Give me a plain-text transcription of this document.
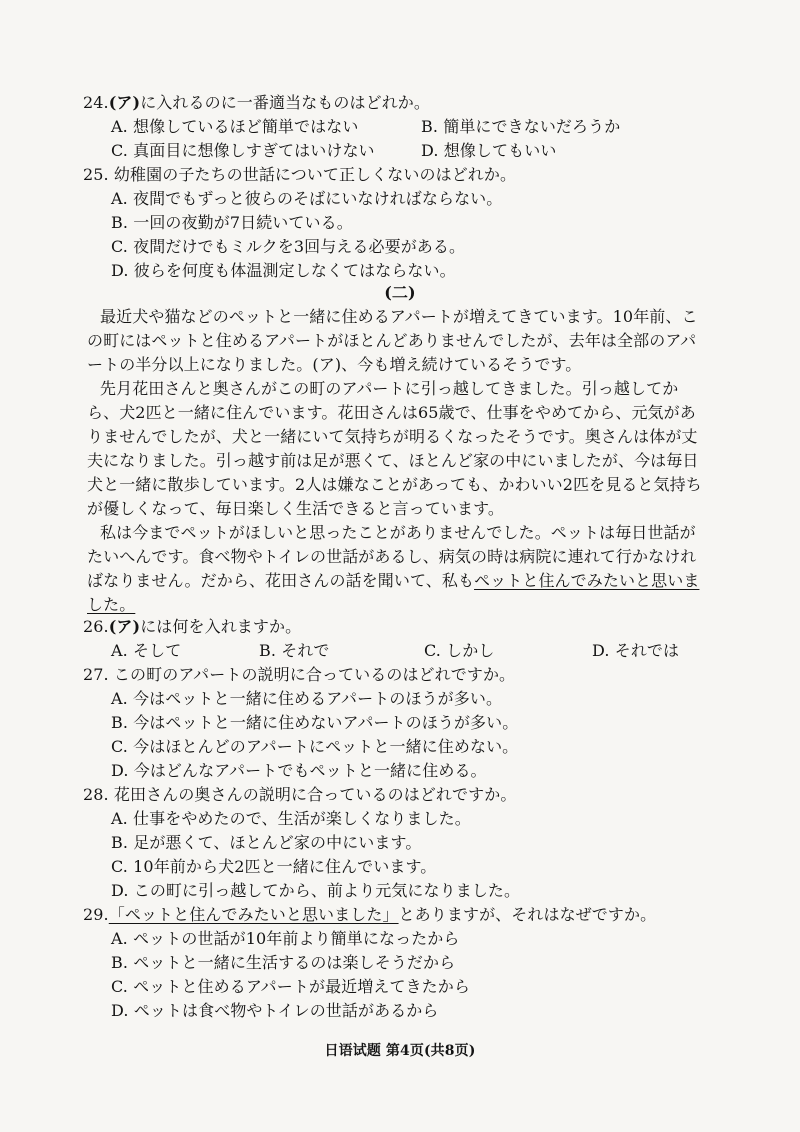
24.(ア)に入れるのに一番適当なものはどれか。
A. 想像しているほど簡単ではない	B. 簡単にできないだろうか
C. 真面目に想像しすぎてはいけない	D. 想像してもいい
25. 幼稚園の子たちの世話について正しくないのはどれか。
A. 夜間でもずっと彼らのそばにいなければならない。
B. 一回の夜勤が7日続いている。
C. 夜間だけでもミルクを3回与える必要がある。
D. 彼らを何度も体温測定しなくてはならない。
(二)
最近犬や猫などのペットと一緒に住めるアパートが増えてきています。10年前、こ
の町にはペットと住めるアパートがほとんどありませんでしたが、去年は全部のアパ
ートの半分以上になりました。(ア)、今も増え続けているそうです。
先月花田さんと奥さんがこの町のアパートに引っ越してきました。引っ越してか
ら、犬2匹と一緒に住んでいます。花田さんは65歳で、仕事をやめてから、元気があ
りませんでしたが、犬と一緒にいて気持ちが明るくなったそうです。奥さんは体が丈
夫になりました。引っ越す前は足が悪くて、ほとんど家の中にいましたが、今は毎日
犬と一緒に散歩しています。2人は嫌なことがあっても、かわいい2匹を見ると気持ち
が優しくなって、毎日楽しく生活できると言っています。
私は今までペットがほしいと思ったことがありませんでした。ペットは毎日世話が
たいへんです。食べ物やトイレの世話があるし、病気の時は病院に連れて行かなけれ
ばなりません。だから、花田さんの話を聞いて、私もペットと住んでみたいと思いま
した。
26.(ア)には何を入れますか。
A. そして	B. それで	C. しかし	D. それでは
27. この町のアパートの説明に合っているのはどれですか。
A. 今はペットと一緒に住めるアパートのほうが多い。
B. 今はペットと一緒に住めないアパートのほうが多い。
C. 今はほとんどのアパートにペットと一緒に住めない。
D. 今はどんなアパートでもペットと一緒に住める。
28. 花田さんの奥さんの説明に合っているのはどれですか。
A. 仕事をやめたので、生活が楽しくなりました。
B. 足が悪くて、ほとんど家の中にいます。
C. 10年前から犬2匹と一緒に住んでいます。
D. この町に引っ越してから、前より元気になりました。
29.「ペットと住んでみたいと思いました」とありますが、それはなぜですか。
A. ペットの世話が10年前より簡単になったから
B. ペットと一緒に生活するのは楽しそうだから
C. ペットと住めるアパートが最近増えてきたから
D. ペットは食べ物やトイレの世話があるから
日语试题 第4页(共8页)
